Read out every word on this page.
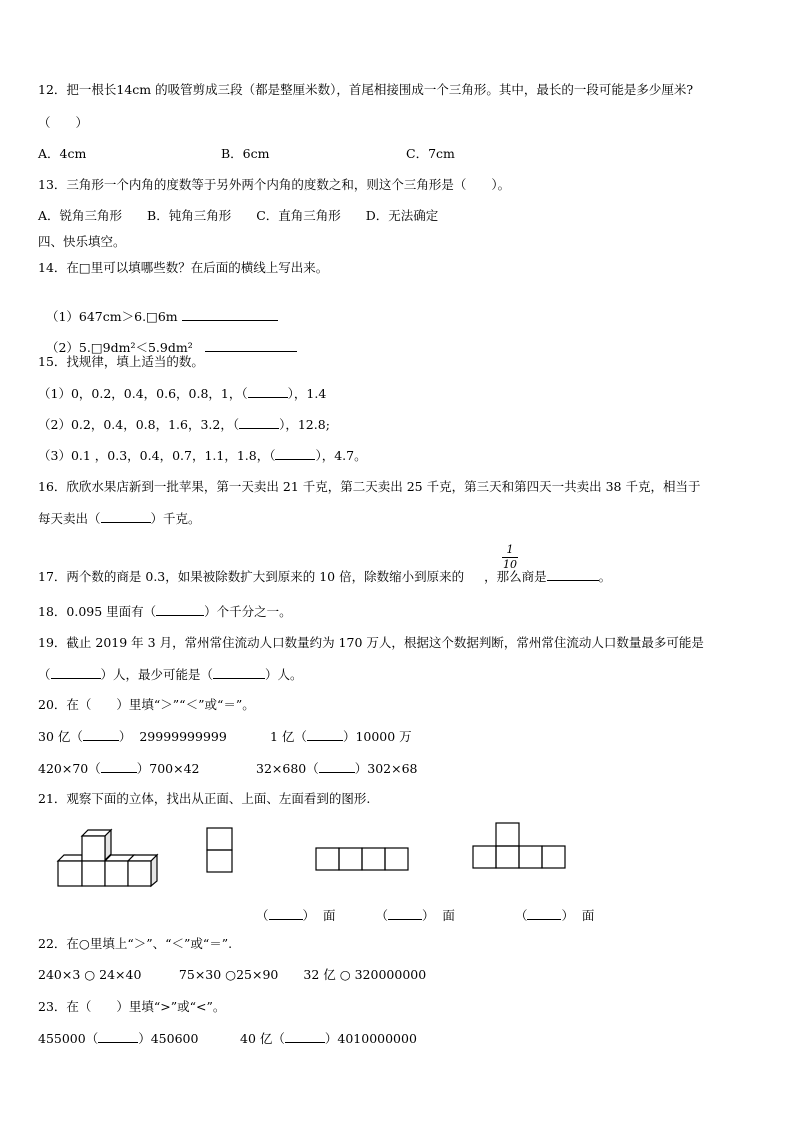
12．把一根长14cm 的吸管剪成三段（都是整厘米数），首尾相接围成一个三角形。其中，最长的一段可能是多少厘米?
（　　）
A．4cm	B．6cm	C．7cm
13．三角形一个内角的度数等于另外两个内角的度数之和，则这个三角形是（　　）。
A．锐角三角形　　B．钝角三角形　　C．直角三角形　　D．无法确定
四、快乐填空。
14．在□里可以填哪些数？在后面的横线上写出来。

（1）647cm＞6.□6m

（2）5.□9dm²＜5.9dm²

15．找规律，填上适当的数。
（1）0，0.2，0.4，0.6，0.8，1，（	），1.4
（2）0.2，0.4，0.8，1.6，3.2，（	），12.8;
（3）0.1 ，0.3，0.4，0.7，1.1，1.8，（	），4.7。
16．欣欣水果店新到一批苹果，第一天卖出 21 千克，第二天卖出 25 千克，第三天和第四天一共卖出 38 千克，相当于
每天卖出（	）千克。
17．两个数的商是 0.3，如果被除数扩大到原来的 10 倍，除数缩小到原来的 ，那么商是	。
1
10
18．0.095 里面有（	）个千分之一。
19．截止 2019 年 3 月，常州常住流动人口数量约为 170 万人，根据这个数据判断，常州常住流动人口数量最多可能是
（	）人，最少可能是（	）人。
20．在（　　）里填“＞”“＜”或“＝”。
30 亿（	）  29999999999	1 亿（	）10000 万
420×70（	）700×42	32×680（	）302×68
21．观察下面的立体，找出从正面、上面、左面看到的图形.
（	）  面	（	）  面	（	）  面
22．在○里填上“＞”、“＜”或“＝”.
240×3 ○ 24×40　　　75×30 ○25×90　　32 亿 ○ 320000000
23．在（　　）里填“>”或“<”。
455000（	）450600	40 亿（	）4010000000
